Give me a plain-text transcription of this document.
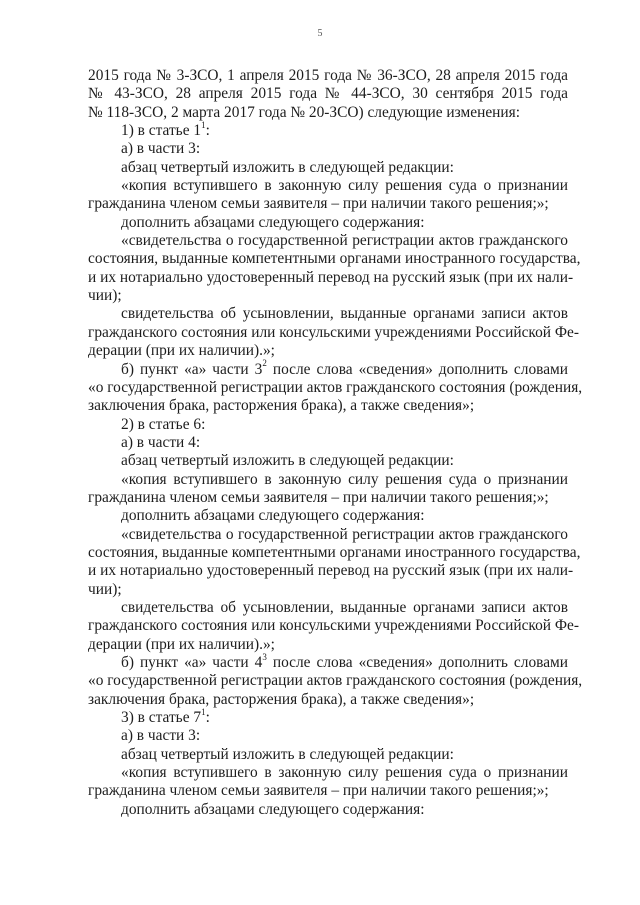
5
2015 года № 3-ЗСО, 1 апреля 2015 года № 36-ЗСО, 28 апреля 2015 года
№ 43-ЗСО, 28 апреля 2015 года № 44-ЗСО, 30 сентября 2015 года
№ 118-ЗСО, 2 марта 2017 года № 20-ЗСО) следующие изменения:
1) в статье $1^1$:
а) в части 3:
абзац четвертый изложить в следующей редакции:
«копия вступившего в законную силу решения суда о признании
гражданина членом семьи заявителя – при наличии такого решения;»;
дополнить абзацами следующего содержания:
«свидетельства о государственной регистрации актов гражданского
состояния, выданные компетентными органами иностранного государства,
и их нотариально удостоверенный перевод на русский язык (при их нали-
чии);
свидетельства об усыновлении, выданные органами записи актов
гражданского состояния или консульскими учреждениями Российской Фе-
дерации (при их наличии).»;
б) пункт «а» части $3^2$ после слова «сведения» дополнить словами
«о государственной регистрации актов гражданского состояния (рождения,
заключения брака, расторжения брака), а также сведения»;
2) в статье 6:
а) в части 4:
абзац четвертый изложить в следующей редакции:
«копия вступившего в законную силу решения суда о признании
гражданина членом семьи заявителя – при наличии такого решения;»;
дополнить абзацами следующего содержания:
«свидетельства о государственной регистрации актов гражданского
состояния, выданные компетентными органами иностранного государства,
и их нотариально удостоверенный перевод на русский язык (при их нали-
чии);
свидетельства об усыновлении, выданные органами записи актов
гражданского состояния или консульскими учреждениями Российской Фе-
дерации (при их наличии).»;
б) пункт «а» части $4^3$ после слова «сведения» дополнить словами
«о государственной регистрации актов гражданского состояния (рождения,
заключения брака, расторжения брака), а также сведения»;
3) в статье $7^1$:
а) в части 3:
абзац четвертый изложить в следующей редакции:
«копия вступившего в законную силу решения суда о признании
гражданина членом семьи заявителя – при наличии такого решения;»;
дополнить абзацами следующего содержания:
